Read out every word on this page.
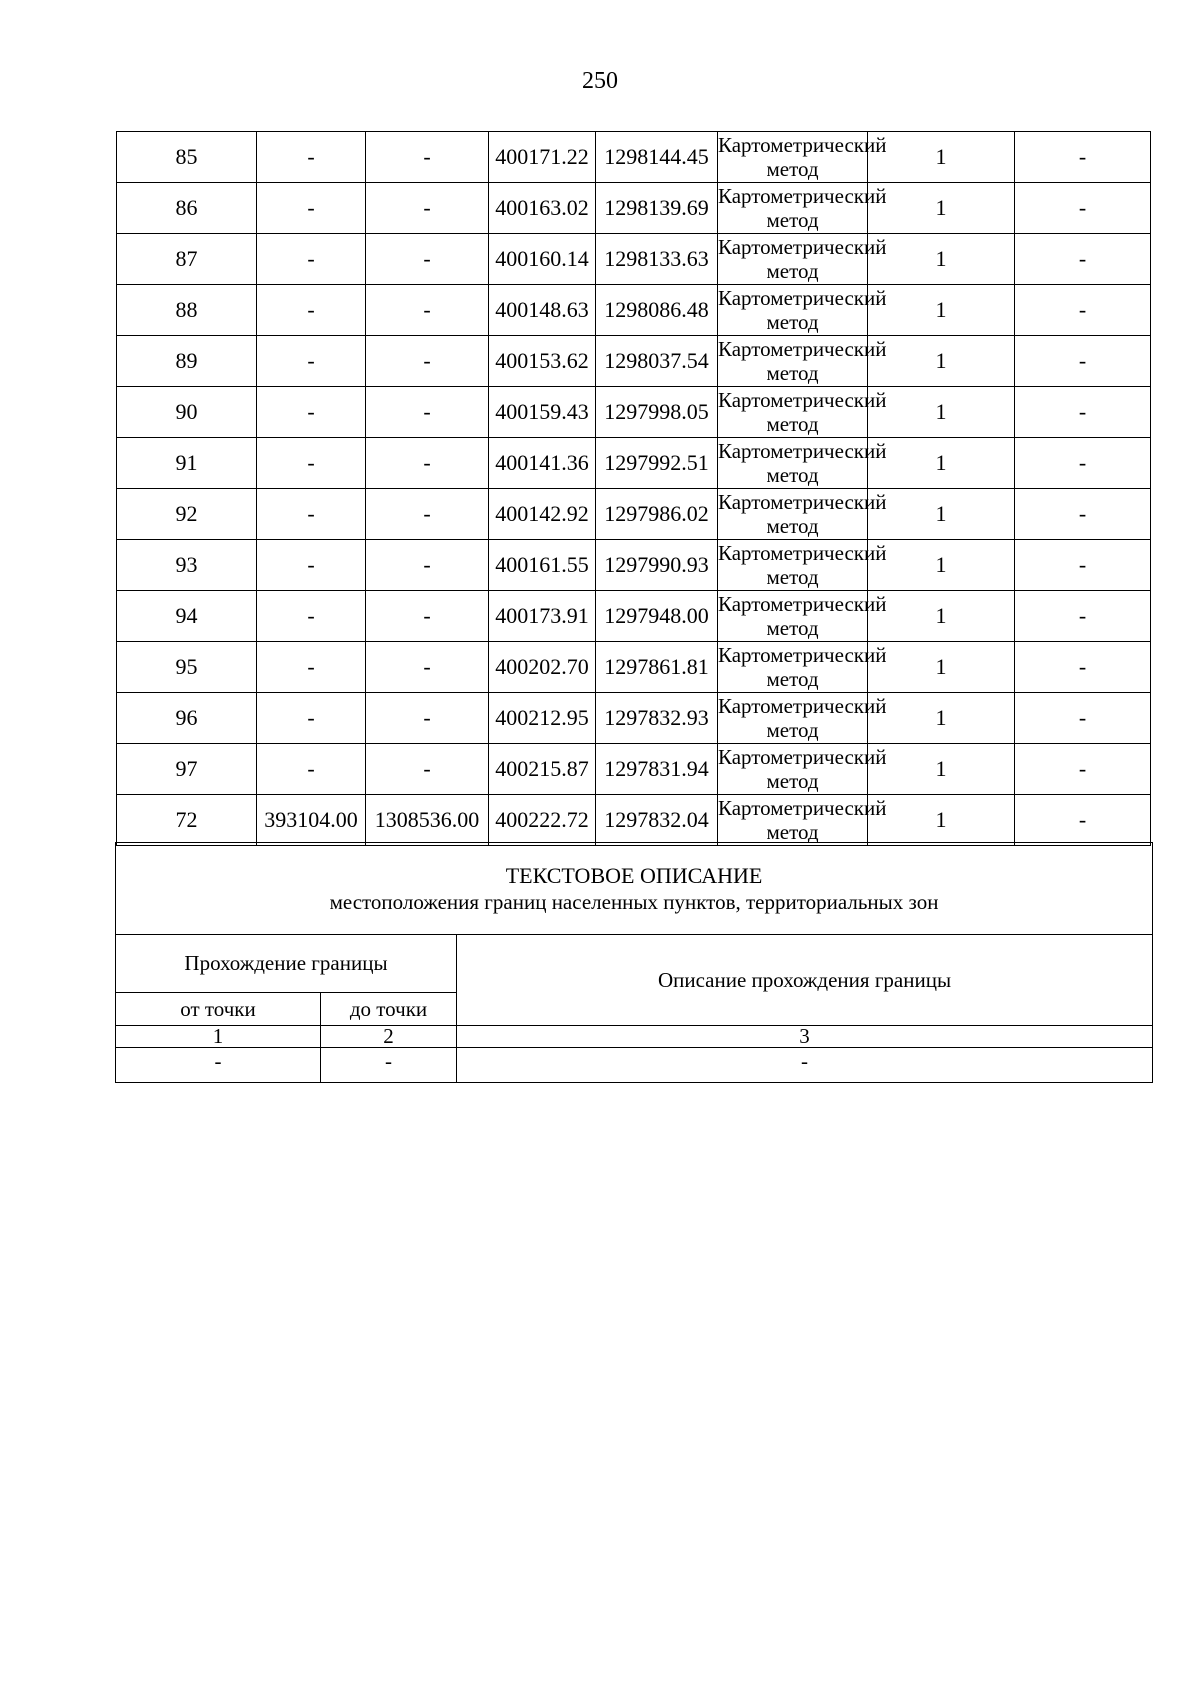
250
85	-	-	400171.22	1298144.45	Картометрический метод	1	-
86	-	-	400163.02	1298139.69	Картометрический метод	1	-
87	-	-	400160.14	1298133.63	Картометрический метод	1	-
88	-	-	400148.63	1298086.48	Картометрический метод	1	-
89	-	-	400153.62	1298037.54	Картометрический метод	1	-
90	-	-	400159.43	1297998.05	Картометрический метод	1	-
91	-	-	400141.36	1297992.51	Картометрический метод	1	-
92	-	-	400142.92	1297986.02	Картометрический метод	1	-
93	-	-	400161.55	1297990.93	Картометрический метод	1	-
94	-	-	400173.91	1297948.00	Картометрический метод	1	-
95	-	-	400202.70	1297861.81	Картометрический метод	1	-
96	-	-	400212.95	1297832.93	Картометрический метод	1	-
97	-	-	400215.87	1297831.94	Картометрический метод	1	-
72	393104.00	1308536.00	400222.72	1297832.04	Картометрический метод	1	-
ТЕКСТОВОЕ ОПИСАНИЕ
местоположения границ населенных пунктов, территориальных зон		

Прохождение границы		Описание прохождения границы
от точки	до точки	
1	2	3
-	-	-
